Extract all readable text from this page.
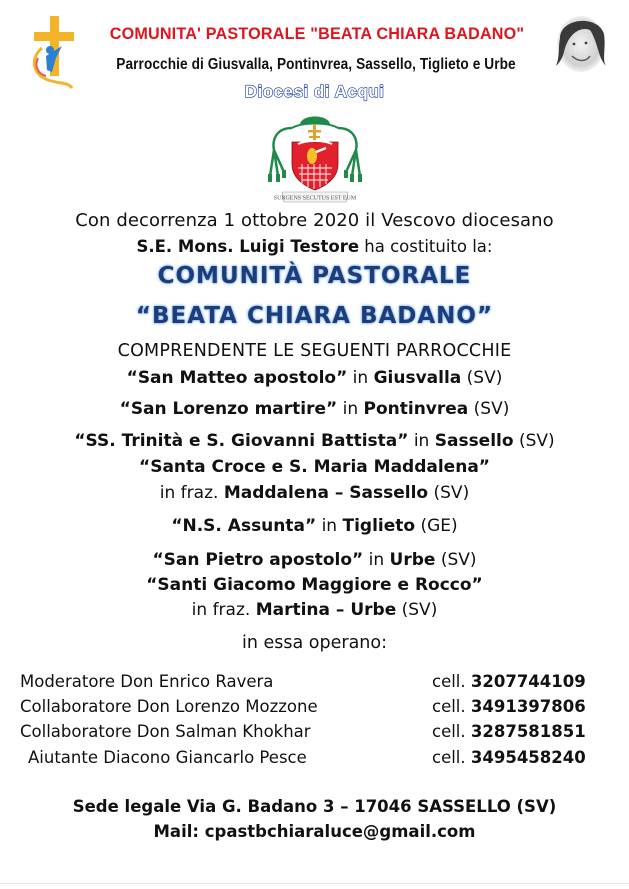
COMUNITA' PASTORALE "BEATA CHIARA BADANO"
Parrocchie di Giusvalla, Pontinvrea, Sassello, Tiglieto e Urbe
Diocesi di Acqui
SURGENS SECUTUS EST EUM
Con decorrenza 1 ottobre 2020 il Vescovo diocesano
S.E. Mons. Luigi Testore ha costituito la:
COMUNITÀ PASTORALE
“BEATA CHIARA BADANO”
COMPRENDENTE LE SEGUENTI PARROCCHIE
“San Matteo apostolo” in Giusvalla (SV)
“San Lorenzo martire” in Pontinvrea (SV)
“SS. Trinità e S. Giovanni Battista” in Sassello (SV)
“Santa Croce e S. Maria Maddalena”
in fraz. Maddalena – Sassello (SV)
“N.S. Assunta” in Tiglieto (GE)
“San Pietro apostolo” in Urbe (SV)
“Santi Giacomo Maggiore e Rocco”
in fraz. Martina – Urbe (SV)
in essa operano:
Moderatore Don Enrico Ravera	cell. 3207744109
Collaboratore Don Lorenzo Mozzone	cell. 3491397806
Collaboratore Don Salman Khokhar	cell. 3287581851
Aiutante Diacono Giancarlo Pesce	cell. 3495458240
Sede legale Via G. Badano 3 – 17046 SASSELLO (SV)
Mail: cpastbchiaraluce@gmail.com
